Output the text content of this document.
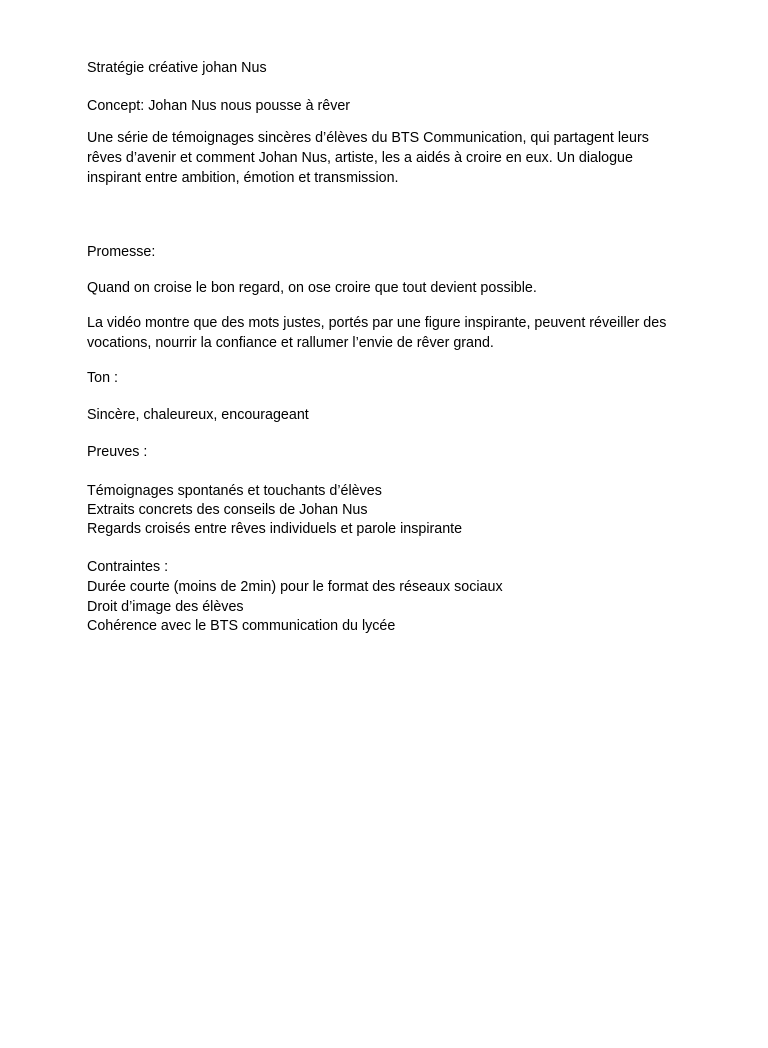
Stratégie créative johan Nus

Concept: Johan Nus nous pousse à rêver

Une série de témoignages sincères d’élèves du BTS Communication, qui partagent leurs

rêves d’avenir et comment Johan Nus, artiste, les a aidés à croire en eux. Un dialogue

inspirant entre ambition, émotion et transmission.

Promesse:

Quand on croise le bon regard, on ose croire que tout devient possible.

La vidéo montre que des mots justes, portés par une figure inspirante, peuvent réveiller des

vocations, nourrir la confiance et rallumer l’envie de rêver grand.

Ton :

Sincère, chaleureux, encourageant

Preuves :

Témoignages spontanés et touchants d’élèves

Extraits concrets des conseils de Johan Nus

Regards croisés entre rêves individuels et parole inspirante

Contraintes :

Durée courte (moins de 2min) pour le format des réseaux sociaux

Droit d’image des élèves

Cohérence avec le BTS communication du lycée
